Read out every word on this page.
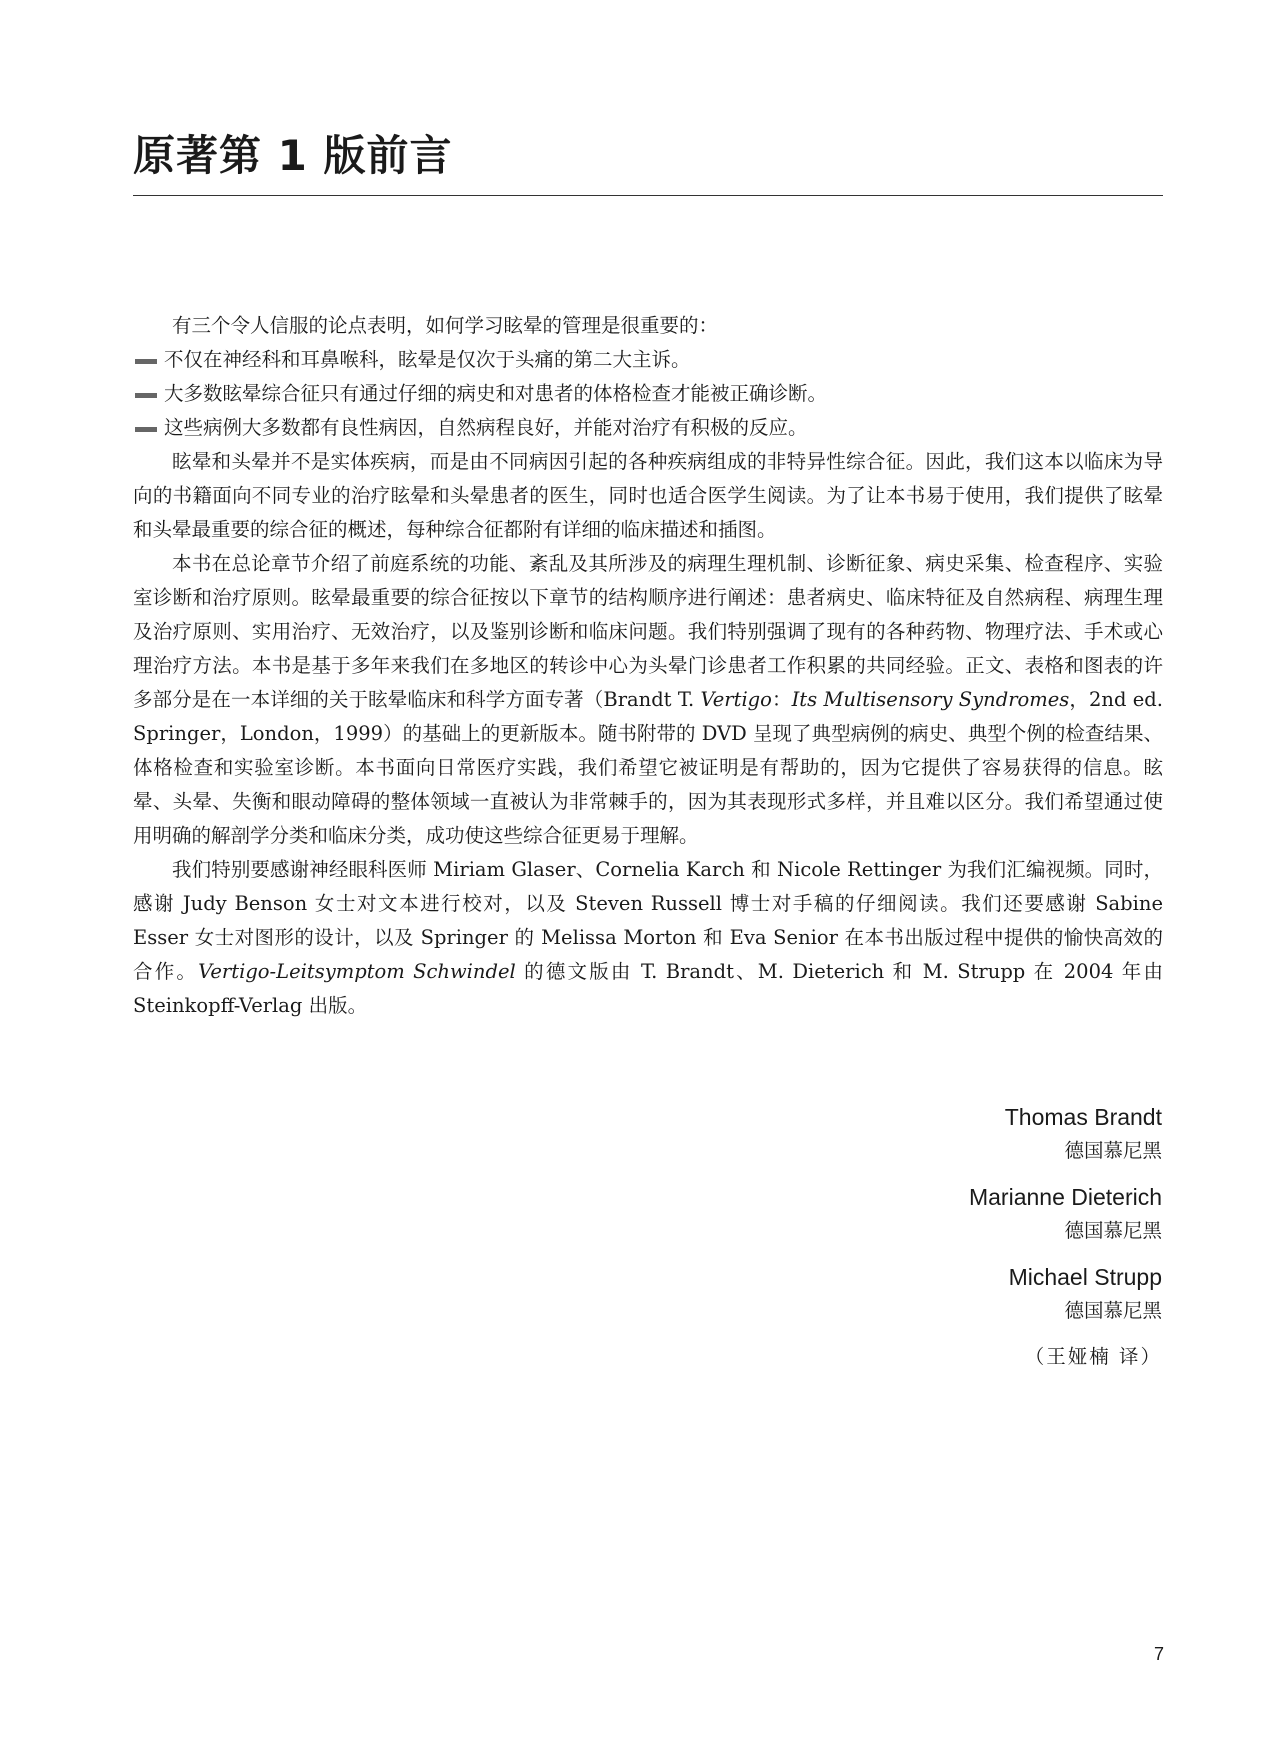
原著第 1 版前言

有三个令人信服的论点表明，如何学习眩晕的管理是很重要的：

不仅在神经科和耳鼻喉科，眩晕是仅次于头痛的第二大主诉。
大多数眩晕综合征只有通过仔细的病史和对患者的体格检查才能被正确诊断。
这些病例大多数都有良性病因，自然病程良好，并能对治疗有积极的反应。

眩晕和头晕并不是实体疾病，而是由不同病因引起的各种疾病组成的非特异性综合征。因此，我们这本以临床为导向的书籍面向不同专业的治疗眩晕和头晕患者的医生，同时也适合医学生阅读。为了让本书易于使用，我们提供了眩晕和头晕最重要的综合征的概述，每种综合征都附有详细的临床描述和插图。

本书在总论章节介绍了前庭系统的功能、紊乱及其所涉及的病理生理机制、诊断征象、病史采集、检查程序、实验室诊断和治疗原则。眩晕最重要的综合征按以下章节的结构顺序进行阐述：患者病史、临床特征及自然病程、病理生理及治疗原则、实用治疗、无效治疗，以及鉴别诊断和临床问题。我们特别强调了现有的各种药物、物理疗法、手术或心理治疗方法。本书是基于多年来我们在多地区的转诊中心为头晕门诊患者工作积累的共同经验。正文、表格和图表的许多部分是在一本详细的关于眩晕临床和科学方面专著（Brandt T. Vertigo：Its Multisensory Syndromes，2nd ed. Springer，London，1999）的基础上的更新版本。随书附带的 DVD 呈现了典型病例的病史、典型个例的检查结果、体格检查和实验室诊断。本书面向日常医疗实践，我们希望它被证明是有帮助的，因为它提供了容易获得的信息。眩晕、头晕、失衡和眼动障碍的整体领域一直被认为非常棘手的，因为其表现形式多样，并且难以区分。我们希望通过使用明确的解剖学分类和临床分类，成功使这些综合征更易于理解。

我们特别要感谢神经眼科医师 Miriam Glaser、Cornelia Karch 和 Nicole Rettinger 为我们汇编视频。同时，感谢 Judy Benson 女士对文本进行校对，以及 Steven Russell 博士对手稿的仔细阅读。我们还要感谢 Sabine Esser 女士对图形的设计，以及 Springer 的 Melissa Morton 和 Eva Senior 在本书出版过程中提供的愉快高效的合作。Vertigo-Leitsymptom Schwindel 的德文版由 T. Brandt、M. Dieterich 和 M. Strupp 在 2004 年由 Steinkopff-Verlag 出版。

Thomas Brandt
德国慕尼黑
Marianne Dieterich
德国慕尼黑
Michael Strupp
德国慕尼黑
（王娅楠 译）
7
